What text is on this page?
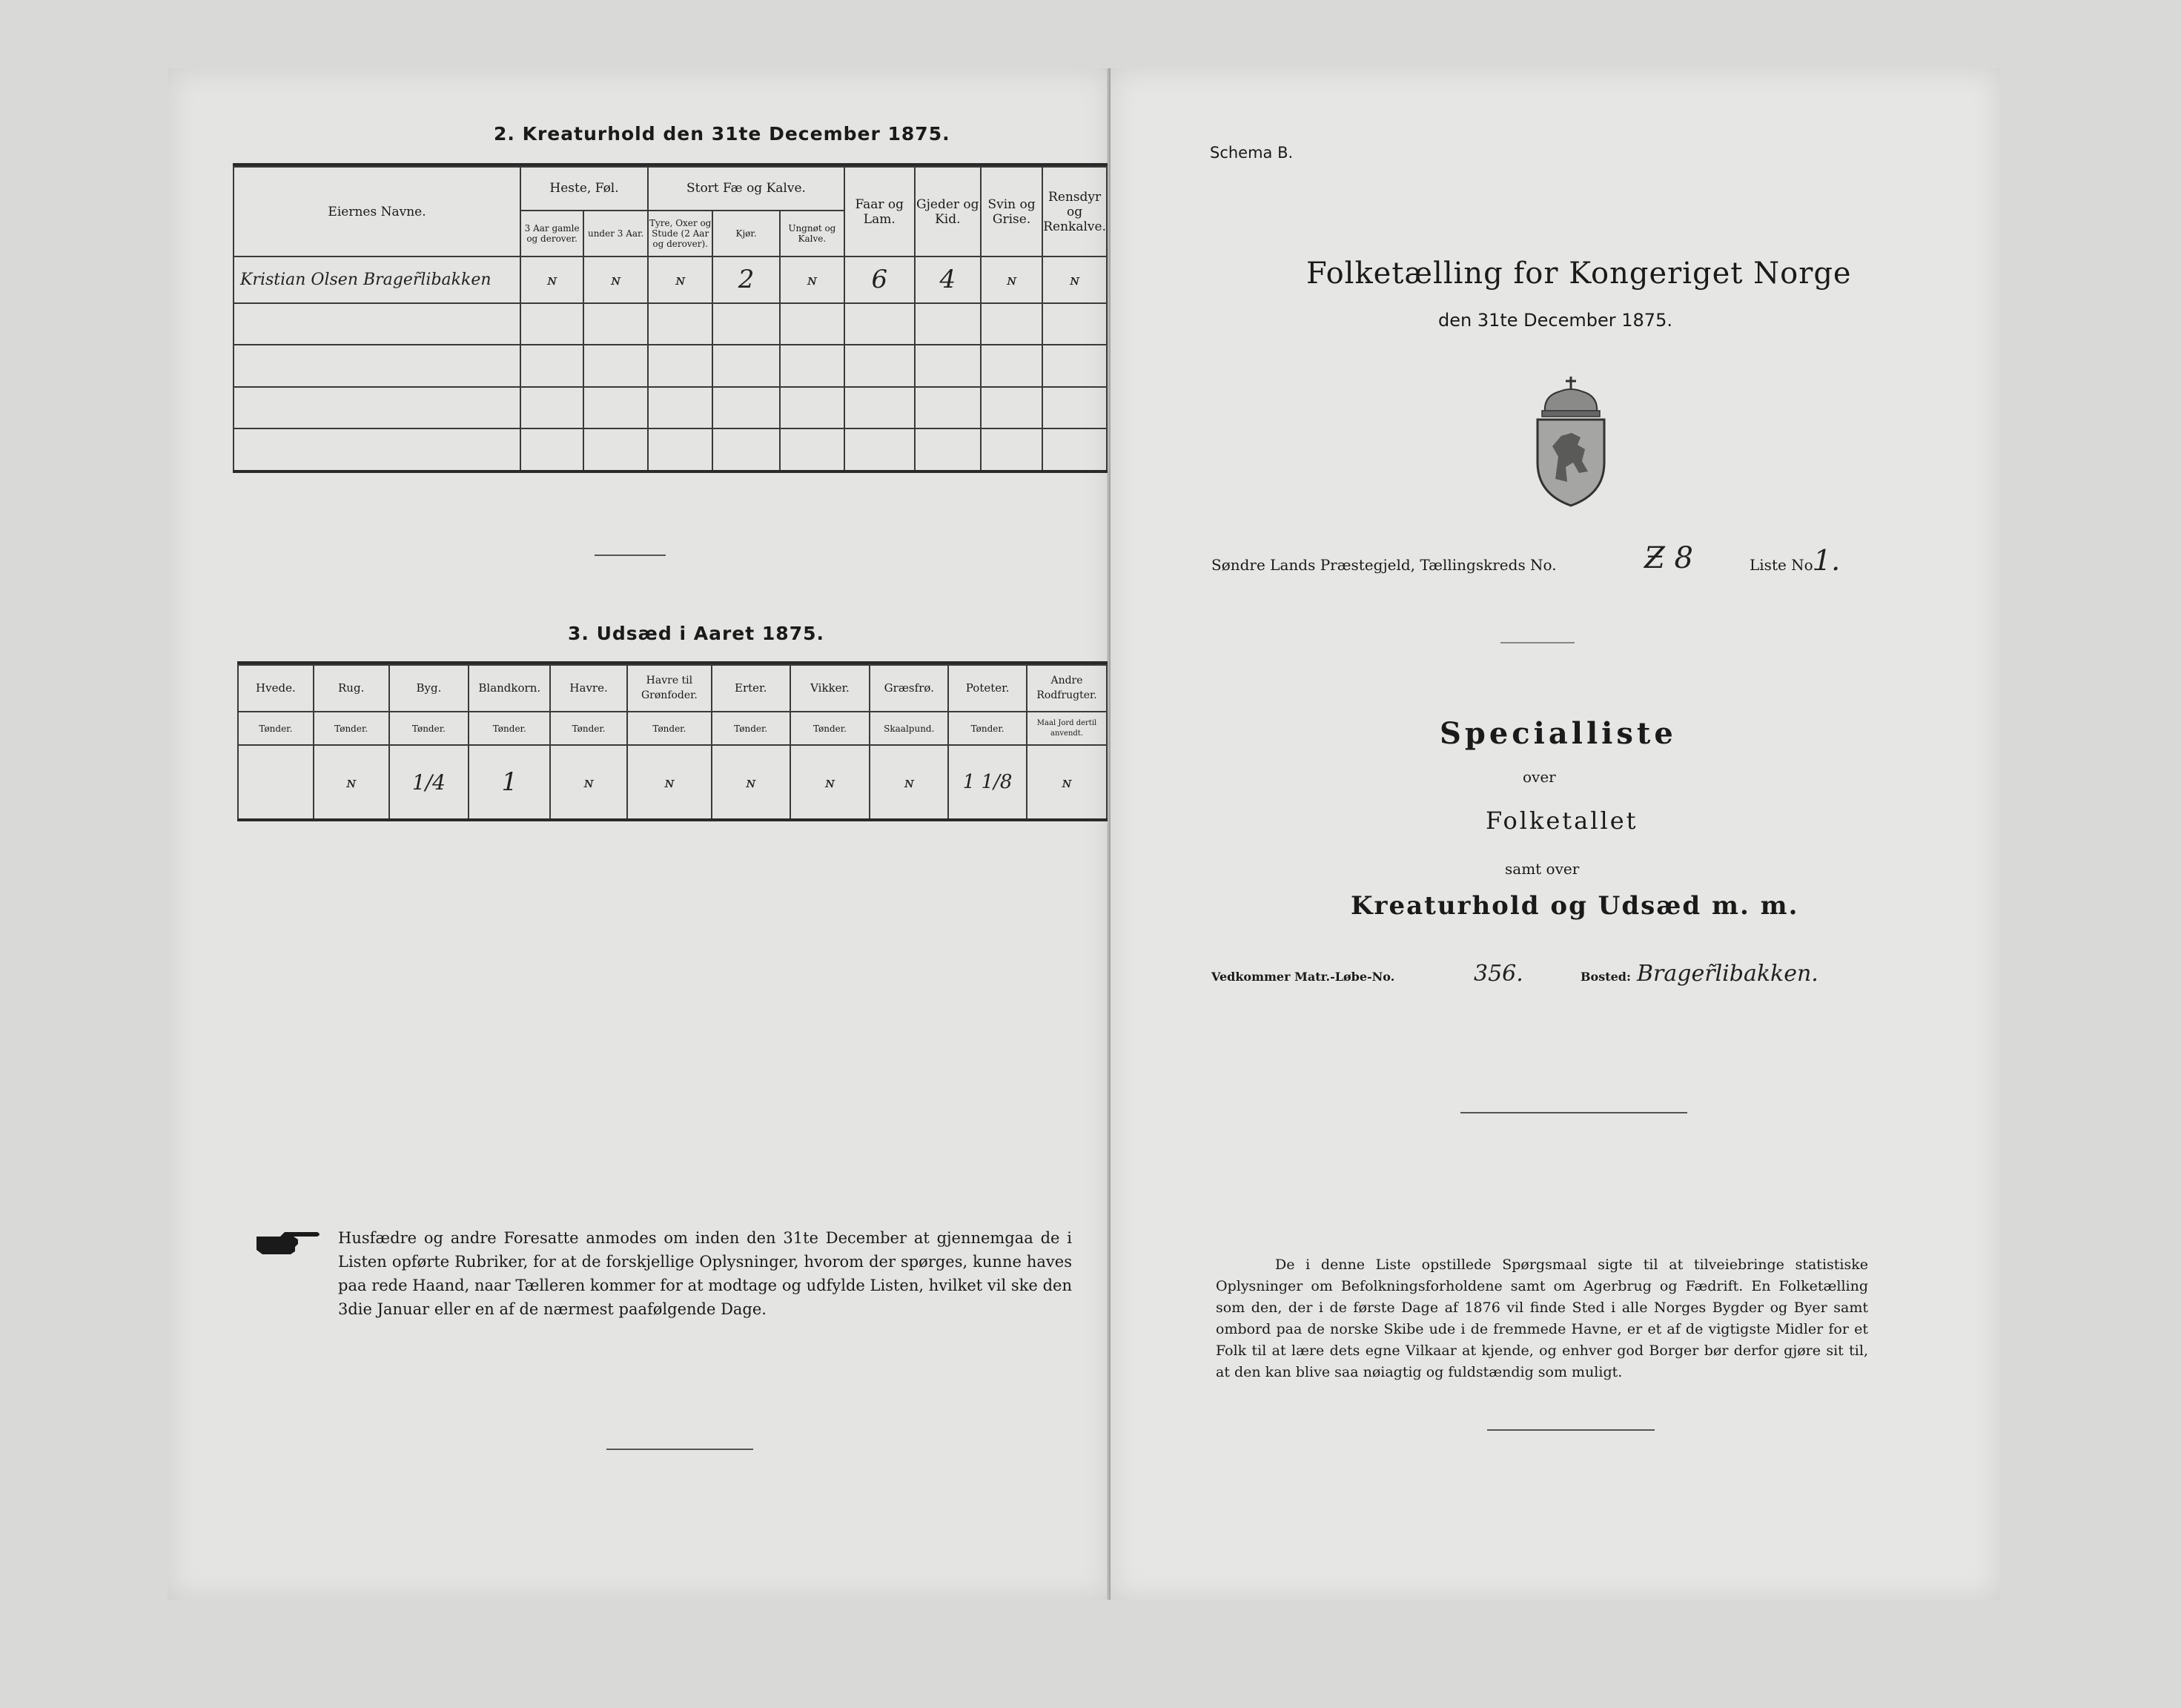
2. Kreaturhold den 31te December 1875.
Eiernes Navne.	Heste, Føl.		Stort Fæ og Kalve.			Faar og Lam.	Gjeder og Kid.	Svin og Grise.	Rensdyr og Renkalve.
	3 Aar gamle og derover.	under 3 Aar.	Tyre, Oxer og Stude (2 Aar og derover).	Kjør.	Ungnøt og Kalve.				
Kristian Olsen Brager̃libakken	ɴ	ɴ	ɴ	2	ɴ	6	4	ɴ	ɴ

3. Udsæd i Aaret 1875.
Hvede.	Rug.	Byg.	Blandkorn.	Havre.	Havre til Grønfoder.	Erter.	Vikker.	Græsfrø.	Poteter.	Andre Rodfrugter.
Tønder.	Tønder.	Tønder.	Tønder.	Tønder.	Tønder.	Tønder.	Tønder.	Skaalpund.	Tønder.	Maal Jord dertil anvendt.
	ɴ	1/4	1	ɴ	ɴ	ɴ	ɴ	ɴ	1 1/8	ɴ
Husfædre og andre Foresatte anmodes om inden den 31te December at gjennemgaa de i Listen opførte Rubriker, for at de forskjellige Oplysninger, hvorom der spørges, kunne haves paa rede Haand, naar Tælleren kommer for at modtage og udfylde Listen, hvilket vil ske den 3die Januar eller en af de nærmest paafølgende Dage.
Schema B.
Folketælling for Kongeriget Norge
den 31te December 1875.
Søndre Lands Præstegjeld, Tællingskreds No.	Ƶ 8	Liste No.
1.
Specialliste
over
Folketallet
samt over
Kreaturhold og Udsæd m. m.
Vedkommer Matr.-Løbe-No.	356.	Bosted: Brager̃libakken.
De i denne Liste opstillede Spørgsmaal sigte til at tilveiebringe statistiske Oplysninger om Befolkningsforholdene samt om Agerbrug og Fædrift. En Folketælling som den, der i de første Dage af 1876 vil finde Sted i alle Norges Bygder og Byer samt ombord paa de norske Skibe ude i de fremmede Havne, er et af de vigtigste Midler for et Folk til at lære dets egne Vilkaar at kjende, og enhver god Borger bør derfor gjøre sit til, at den kan blive saa nøiagtig og fuldstændig som muligt.
